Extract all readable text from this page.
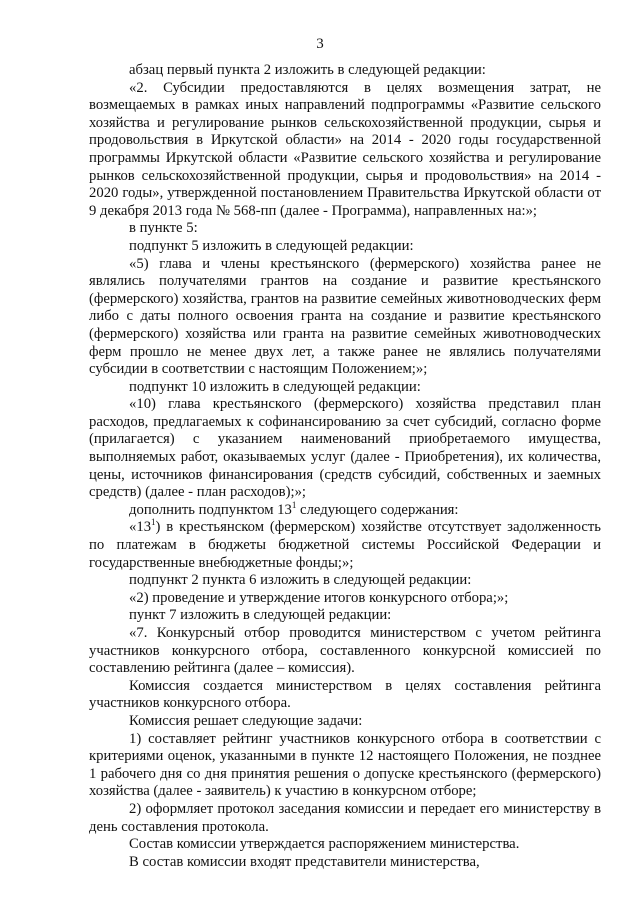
3

абзац первый пункта 2 изложить в следующей редакции:

«2. Субсидии предоставляются в целях возмещения затрат, не возмещаемых в рамках иных направлений подпрограммы «Развитие сельского хозяйства и регулирование рынков сельскохозяйственной продукции, сырья и продовольствия в Иркутской области» на 2014 - 2020 годы государственной программы Иркутской области «Развитие сельского хозяйства и регулирование рынков сельскохозяйственной продукции, сырья и продовольствия» на 2014 - 2020 годы», утвержденной постановлением Правительства Иркутской области от 9 декабря 2013 года № 568-пп (далее - Программа), направленных на:»;

в пункте 5:

подпункт 5 изложить в следующей редакции:

«5) глава и члены крестьянского (фермерского) хозяйства ранее не являлись получателями грантов на создание и развитие крестьянского (фермерского) хозяйства, грантов на развитие семейных животноводческих ферм либо с даты полного освоения гранта на создание и развитие крестьянского (фермерского) хозяйства или гранта на развитие семейных животноводческих ферм прошло не менее двух лет, а также ранее не являлись получателями субсидии в соответствии с настоящим Положением;»;

подпункт 10 изложить в следующей редакции:

«10) глава крестьянского (фермерского) хозяйства представил план расходов, предлагаемых к софинансированию за счет субсидий, согласно форме (прилагается) с указанием наименований приобретаемого имущества, выполняемых работ, оказываемых услуг (далее - Приобретения), их количества, цены, источников финансирования (средств субсидий, собственных и заемных средств) (далее - план расходов);»;

дополнить подпунктом $13^1$ следующего содержания:

«$13^1$) в крестьянском (фермерском) хозяйстве отсутствует задолженность по платежам в бюджеты бюджетной системы Российской Федерации и государственные внебюджетные фонды;»;

подпункт 2 пункта 6 изложить в следующей редакции:

«2) проведение и утверждение итогов конкурсного отбора;»;

пункт 7 изложить в следующей редакции:

«7. Конкурсный отбор проводится министерством с учетом рейтинга участников конкурсного отбора, составленного конкурсной комиссией по составлению рейтинга (далее – комиссия).

Комиссия создается министерством в целях составления рейтинга участников конкурсного отбора.

Комиссия решает следующие задачи:

1) составляет рейтинг участников конкурсного отбора в соответствии с критериями оценок, указанными в пункте 12 настоящего Положения, не позднее 1 рабочего дня со дня принятия решения о допуске крестьянского (фермерского) хозяйства (далее - заявитель) к участию в конкурсном отборе;

2) оформляет протокол заседания комиссии и передает его министерству в день составления протокола.

Состав комиссии утверждается распоряжением министерства.

В состав комиссии входят представители министерства,
